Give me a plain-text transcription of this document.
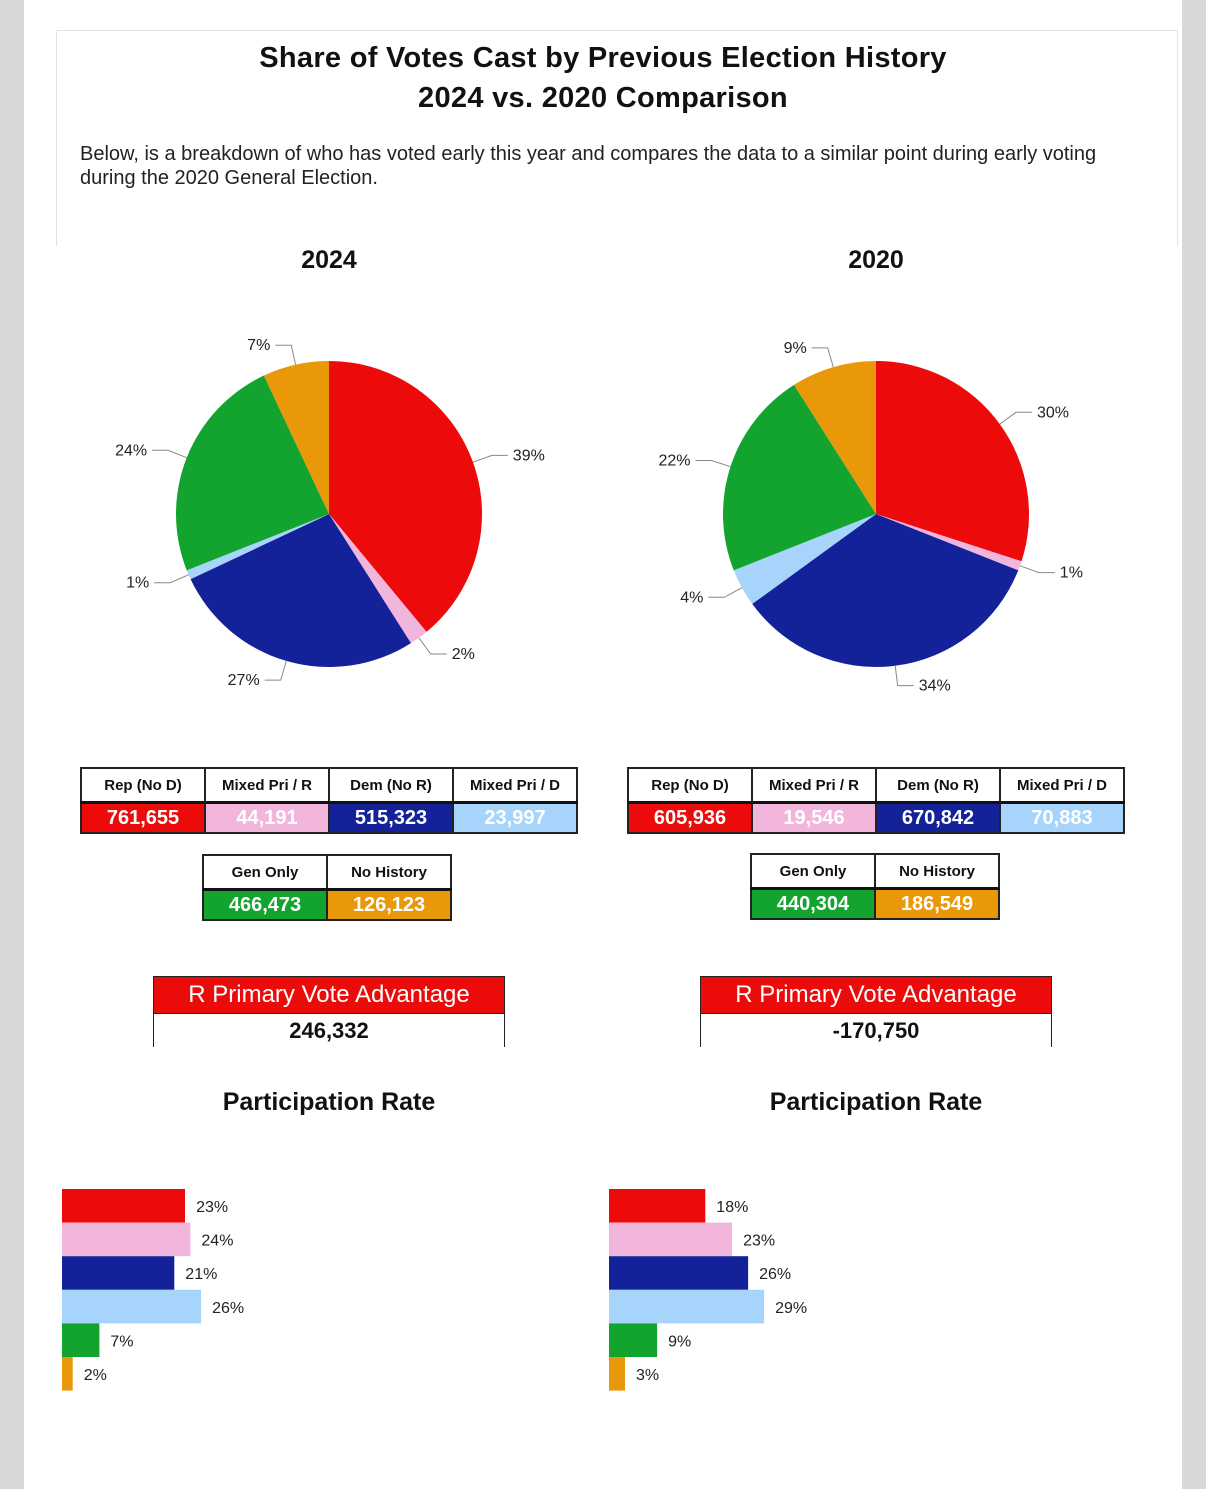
Share of Votes Cast by Previous Election History
2024 vs. 2020 Comparison
Below, is a breakdown of who has voted early this year and compares the data to a similar point during early voting during the 2020 General Election.
2024	2020
39%
2%
27%
1%
24%
7%
30%
1%
34%
4%
22%
9%
Rep (No D)	Mixed Pri / R	Dem (No R)	Mixed Pri / D
761,655	44,191	515,323	23,997
Gen Only	No History
466,473	126,123
Rep (No D)	Mixed Pri / R	Dem (No R)	Mixed Pri / D
605,936	19,546	670,842	70,883
Gen Only	No History
440,304	186,549
R Primary Vote Advantage
246,332
R Primary Vote Advantage
-170,750
Participation Rate	Participation Rate
23%
24%
21%
26%
7%
2%
18%
23%
26%
29%
9%
3%
